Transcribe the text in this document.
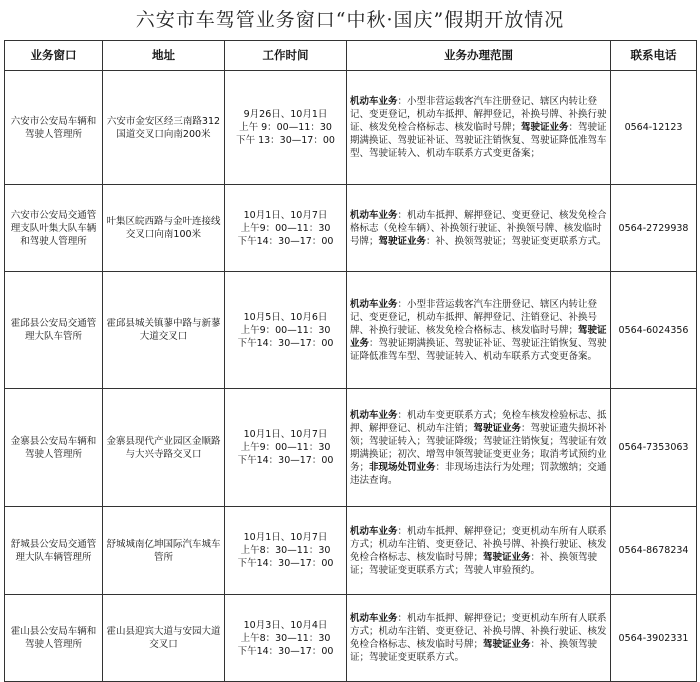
六安市车驾管业务窗口“中秋·国庆”假期开放情况
业务窗口	地址	工作时间	业务办理范围	联系电话
六安市公安局车辆和驾驶人管理所	六安市金安区经三南路312国道交叉口向南200米	9月26日、10月1日
上午 9：00—11：30
下午 13：30—17：00	机动车业务：小型非营运载客汽车注册登记、辖区内转让登记、变更登记，机动车抵押、解押登记，补换号牌、补换行驶证、核发免检合格标志、核发临时号牌；驾驶证业务：驾驶证期满换证、驾驶证补证、驾驶证注销恢复、驾驶证降低准驾车型、驾驶证转入、机动车联系方式变更备案；	0564-12123
六安市公安局交通管理支队叶集大队车辆和驾驶人管理所	叶集区皖西路与金叶连接线交叉口向南100米	10月1日、10月7日
上午9：00—11：30
下午14：30—17：00	机动车业务：机动车抵押、解押登记、变更登记、核发免检合格标志（免检车辆）、补换领行驶证、补换领号牌、核发临时号牌；驾驶证业务：补、换领驾驶证；驾驶证变更联系方式。	0564-2729938
霍邱县公安局交通管理大队车管所	霍邱县城关镇蓼中路与新蓼大道交叉口	10月5日、10月6日
上午9：00—11：30
下午14：30—17：00	机动车业务：小型非营运载客汽车注册登记、辖区内转让登记、变更登记，机动车抵押、解押登记、注销登记、补换号牌、补换行驶证、核发免检合格标志、核发临时号牌；驾驶证业务：驾驶证期满换证、驾驶证补证、驾驶证注销恢复、驾驶证降低准驾车型、驾驶证转入、机动车联系方式变更备案。	0564-6024356
金寨县公安局车辆和驾驶人管理所	金寨县现代产业园区金顺路与大兴寺路交叉口	10月1日、10月7日
上午9：00—11：30
下午14：30—17：00	机动车业务：机动车变更联系方式；免检车核发检验标志、抵押、解押登记、机动车注销；驾驶证业务：驾驶证遗失损坏补领；驾驶证转入；驾驶证降级；驾驶证注销恢复；驾驶证有效期满换证；初次、增驾申领驾驶证变更业务；取消考试预约业务；非现场处罚业务：非现场违法行为处理；罚款缴纳；交通违法查询。	0564-7353063
舒城县公安局交通管理大队车辆管理所	舒城城南亿坤国际汽车城车管所	10月1日、10月7日
上午8：30—11：30
下午14：30—17：00	机动车业务：机动车抵押、解押登记；变更机动车所有人联系方式；机动车注销、变更登记、补换号牌、补换行驶证、核发免检合格标志、核发临时号牌；驾驶证业务：补、换领驾驶证；驾驶证变更联系方式；驾驶人审验预约。	0564-8678234
霍山县公安局车辆和驾驶人管理所	霍山县迎宾大道与安园大道交叉口	10月3日、10月4日
上午8：30—11：30
下午14：30—17：00	机动车业务：机动车抵押、解押登记；变更机动车所有人联系方式；机动车注销、变更登记、补换号牌、补换行驶证、核发免检合格标志、核发临时号牌；驾驶证业务：补、换领驾驶证；驾驶证变更联系方式。	0564-3902331
